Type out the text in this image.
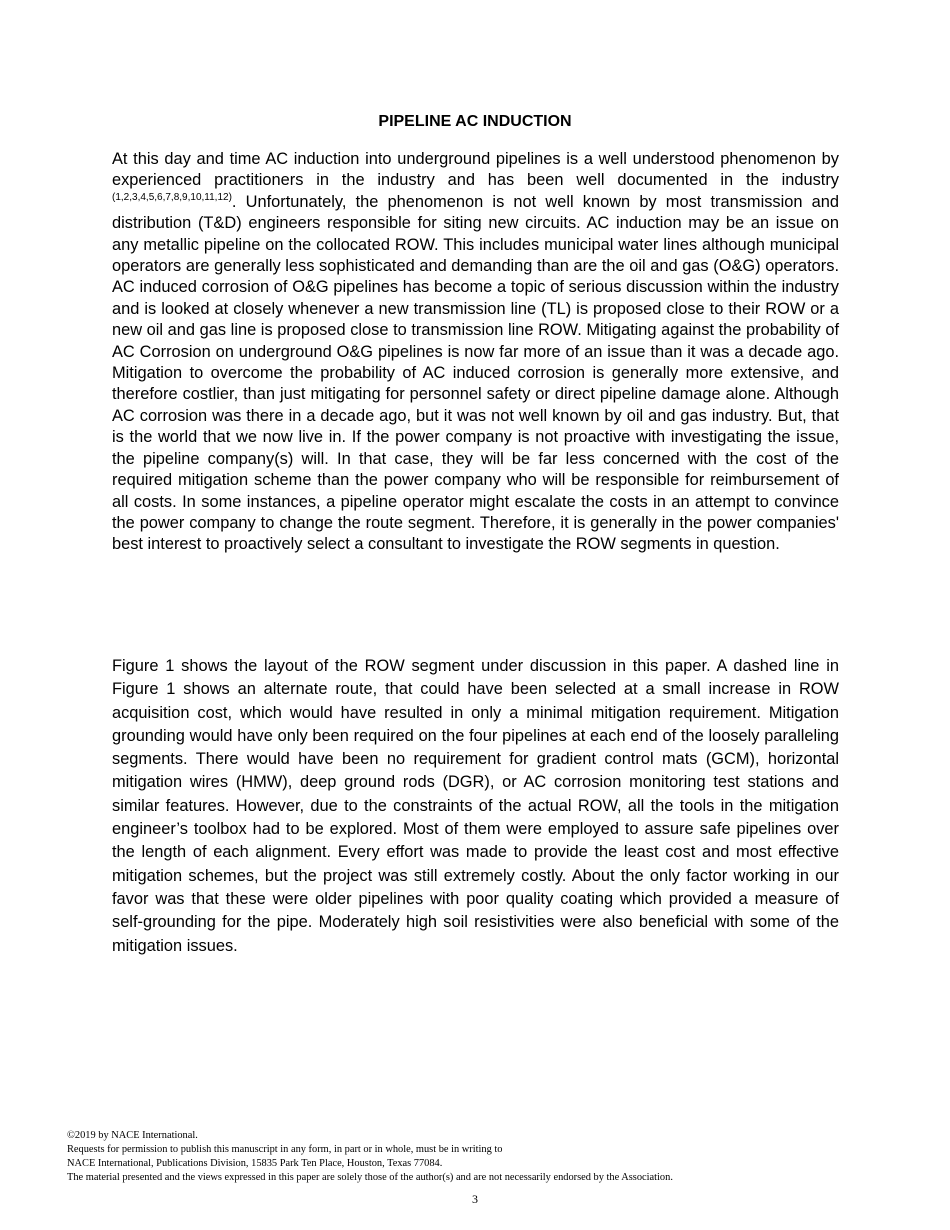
PIPELINE AC INDUCTION

At this day and time AC induction into underground pipelines is a well understood phenomenon by experienced practitioners in the industry and has been well documented in the industry $^{(1,2,3,4,5,6,7,8,9,10,11,12)}$. Unfortunately, the phenomenon is not well known by most transmission and distribution (T&D) engineers responsible for siting new circuits. AC induction may be an issue on any metallic pipeline on the collocated ROW. This includes municipal water lines although municipal operators are generally less sophisticated and demanding than are the oil and gas (O&G) operators. AC induced corrosion of O&G pipelines has become a topic of serious discussion within the industry and is looked at closely whenever a new transmission line (TL) is proposed close to their ROW or a new oil and gas line is proposed close to transmission line ROW. Mitigating against the probability of AC Corrosion on underground O&G pipelines is now far more of an issue than it was a decade ago. Mitigation to overcome the probability of AC induced corrosion is generally more extensive, and therefore costlier, than just mitigating for personnel safety or direct pipeline damage alone. Although AC corrosion was there in a decade ago, but it was not well known by oil and gas industry. But, that is the world that we now live in. If the power company is not proactive with investigating the issue, the pipeline company(s) will. In that case, they will be far less concerned with the cost of the required mitigation scheme than the power company who will be responsible for reimbursement of all costs. In some instances, a pipeline operator might escalate the costs in an attempt to convince the power company to change the route segment. Therefore, it is generally in the power companies' best interest to proactively select a consultant to investigate the ROW segments in question.

Figure 1 shows the layout of the ROW segment under discussion in this paper. A dashed line in Figure 1 shows an alternate route, that could have been selected at a small increase in ROW acquisition cost, which would have resulted in only a minimal mitigation requirement. Mitigation grounding would have only been required on the four pipelines at each end of the loosely paralleling segments. There would have been no requirement for gradient control mats (GCM), horizontal mitigation wires (HMW), deep ground rods (DGR), or AC corrosion monitoring test stations and similar features. However, due to the constraints of the actual ROW, all the tools in the mitigation engineer’s toolbox had to be explored. Most of them were employed to assure safe pipelines over the length of each alignment. Every effort was made to provide the least cost and most effective mitigation schemes, but the project was still extremely costly. About the only factor working in our favor was that these were older pipelines with poor quality coating which provided a measure of self-grounding for the pipe. Moderately high soil resistivities were also beneficial with some of the mitigation issues.

©2019 by NACE International.
Requests for permission to publish this manuscript in any form, in part or in whole, must be in writing to
NACE International, Publications Division, 15835 Park Ten Place, Houston, Texas 77084.
The material presented and the views expressed in this paper are solely those of the author(s) and are not necessarily endorsed by the Association.
3
